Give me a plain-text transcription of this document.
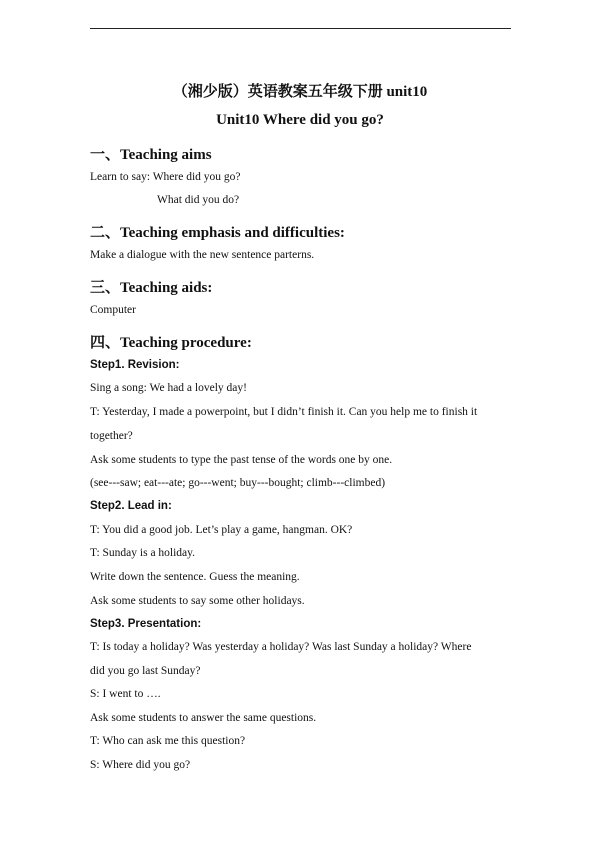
（湘少版）英语教案五年级下册 unit10
Unit10 Where did you go?
一、Teaching aims
Learn to say: Where did you go?
What did you do?
二、Teaching emphasis and difficulties:
Make a dialogue with the new sentence parterns.
三、Teaching aids:
Computer
四、Teaching procedure:
Step1. Revision:
Sing a song: We had a lovely day!
T: Yesterday, I made a powerpoint, but I didn’t finish it. Can you help me to finish it
together?
Ask some students to type the past tense of the words one by one.
(see---saw; eat---ate; go---went; buy---bought; climb---climbed)
Step2. Lead in:
T: You did a good job. Let’s play a game, hangman. OK?
T: Sunday is a holiday.
Write down the sentence. Guess the meaning.
Ask some students to say some other holidays.
Step3. Presentation:
T: Is today a holiday? Was yesterday a holiday? Was last Sunday a holiday? Where
did you go last Sunday?
S: I went to ….
Ask some students to answer the same questions.
T: Who can ask me this question?
S: Where did you go?
